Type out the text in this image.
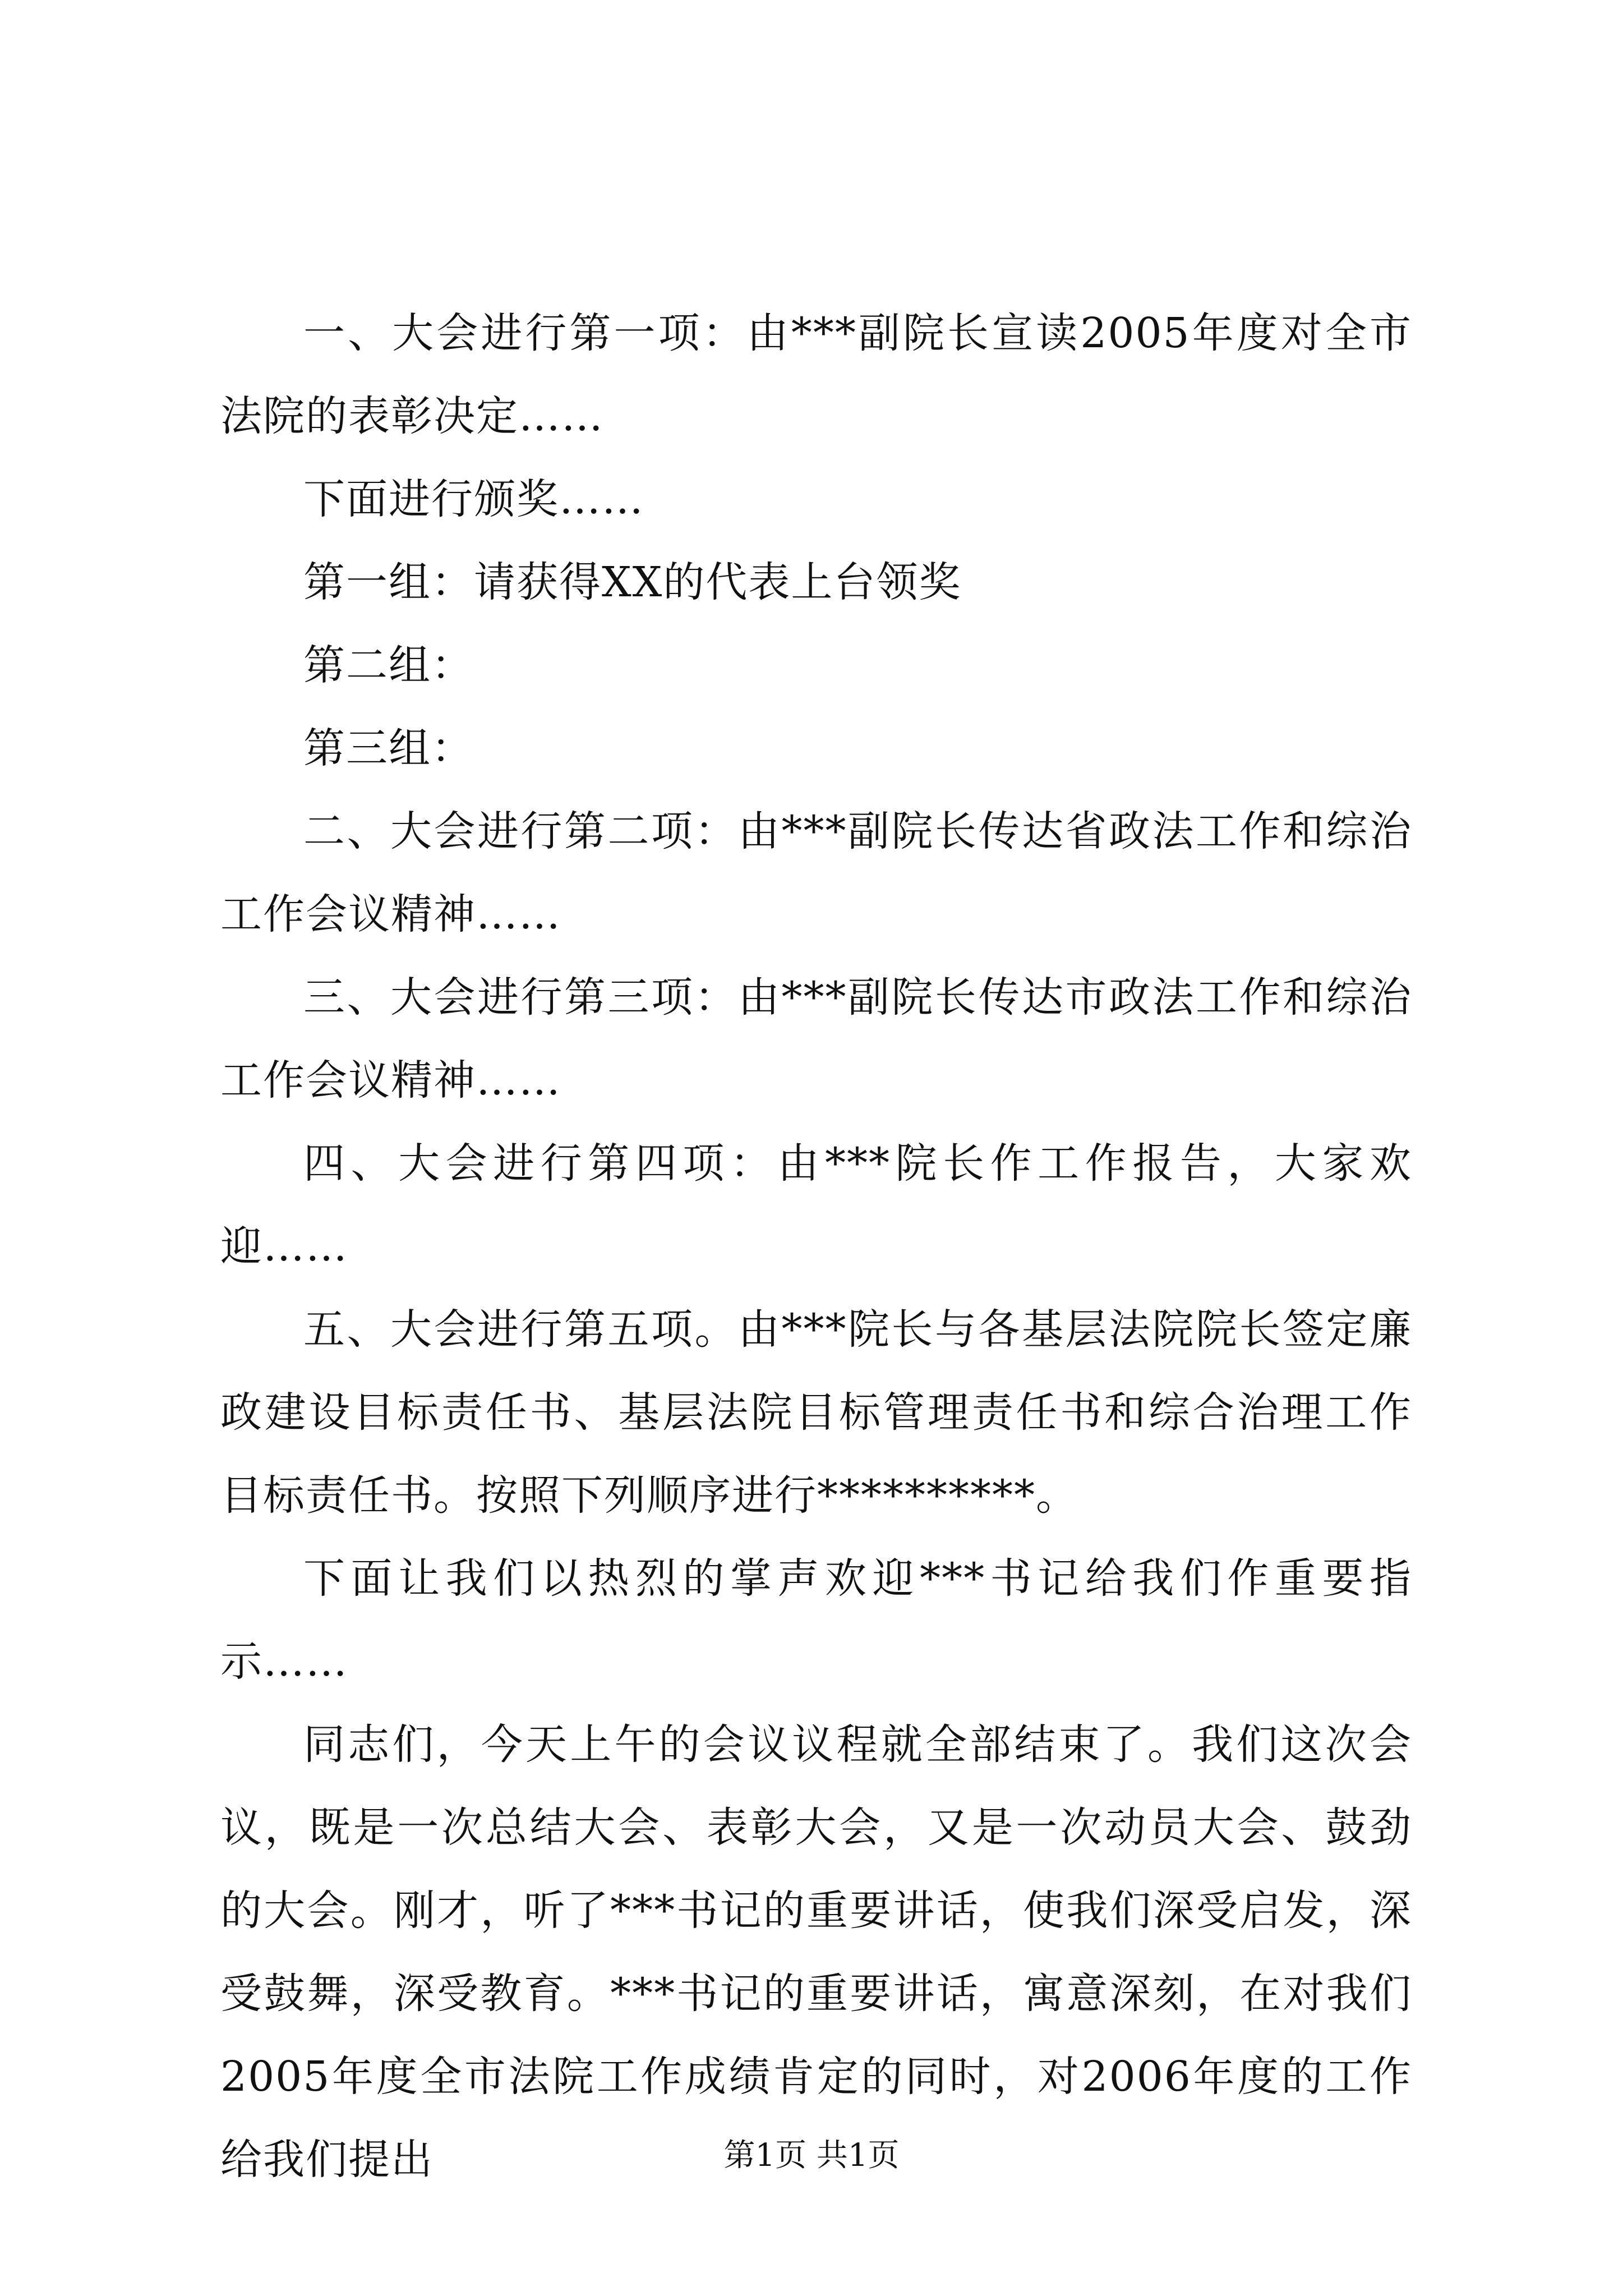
一、大会进行第一项：由***副院长宣读2005年度对全市法院的表彰决定……

下面进行颁奖……

第一组：请获得XX的代表上台领奖

第二组：

第三组：

二、大会进行第二项：由***副院长传达省政法工作和综治工作会议精神……

三、大会进行第三项：由***副院长传达市政法工作和综治工作会议精神……

四、大会进行第四项：由***院长作工作报告，大家欢迎……

五、大会进行第五项。由***院长与各基层法院院长签定廉政建设目标责任书、基层法院目标管理责任书和综合治理工作目标责任书。按照下列顺序进行**********。

下面让我们以热烈的掌声欢迎***书记给我们作重要指示……

同志们，今天上午的会议议程就全部结束了。我们这次会议，既是一次总结大会、表彰大会，又是一次动员大会、鼓劲的大会。刚才，听了***书记的重要讲话，使我们深受启发，深受鼓舞，深受教育。***书记的重要讲话，寓意深刻，在对我们2005年度全市法院工作成绩肯定的同时，对2006年度的工作给我们提出	第1页 共1页
